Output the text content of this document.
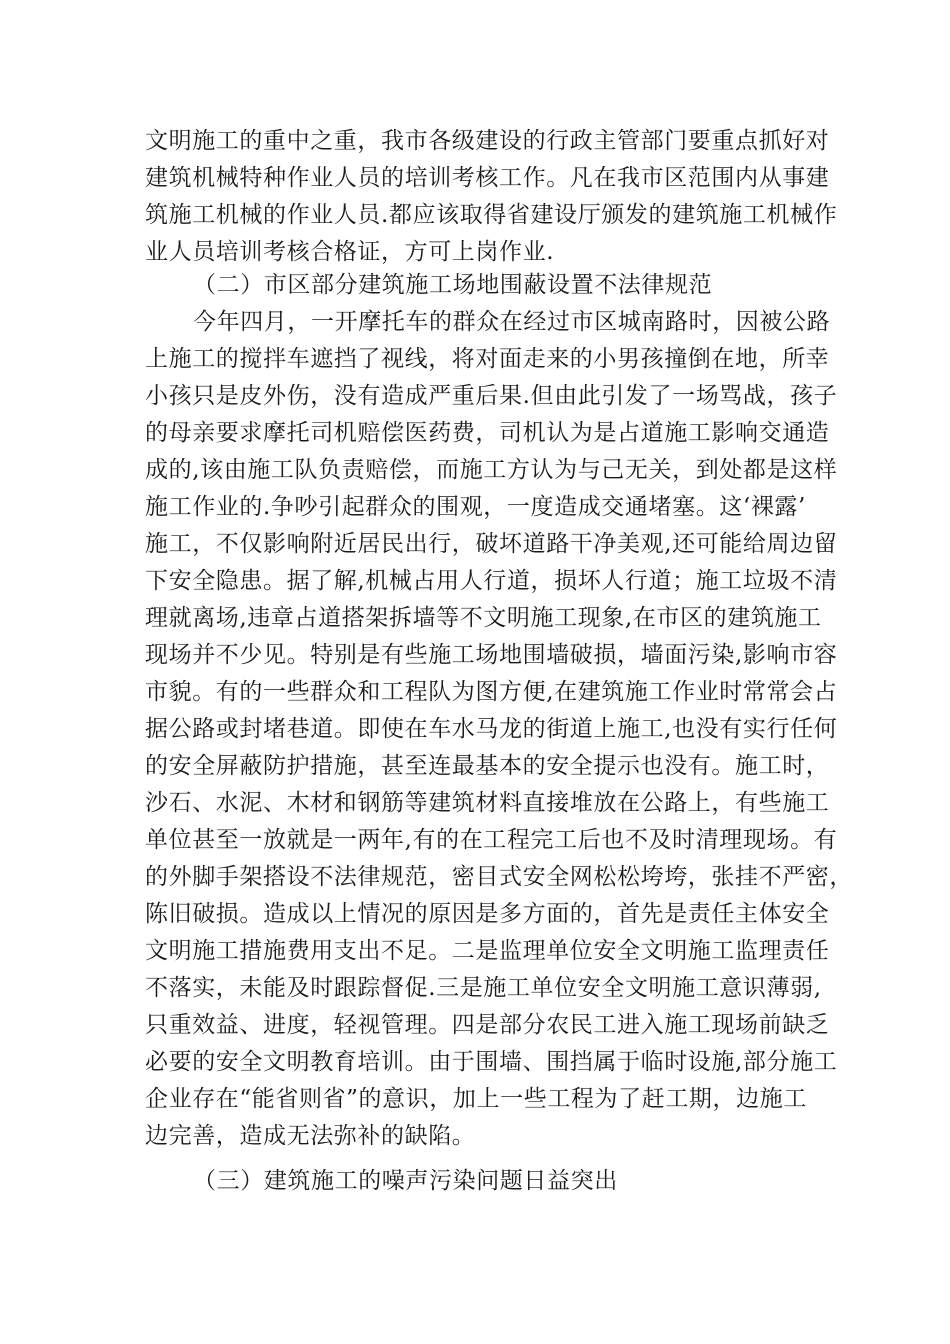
文明施工的重中之重，我市各级建设的行政主管部门要重点抓好对
建筑机械特种作业人员的培训考核工作。凡在我市区范围内从事建
筑施工机械的作业人员.都应该取得省建设厅颁发的建筑施工机械作
业人员培训考核合格证，方可上岗作业.
（二）市区部分建筑施工场地围蔽设置不法律规范
今年四月，一开摩托车的群众在经过市区城南路时，因被公路
上施工的搅拌车遮挡了视线，将对面走来的小男孩撞倒在地，所幸
小孩只是皮外伤，没有造成严重后果.但由此引发了一场骂战，孩子
的母亲要求摩托司机赔偿医药费，司机认为是占道施工影响交通造
成的,该由施工队负责赔偿，而施工方认为与己无关，到处都是这样
施工作业的.争吵引起群众的围观，一度造成交通堵塞。这‘裸露’
施工，不仅影响附近居民出行，破坏道路干净美观,还可能给周边留
下安全隐患。据了解,机械占用人行道，损坏人行道；施工垃圾不清
理就离场,违章占道搭架拆墙等不文明施工现象,在市区的建筑施工
现场并不少见。特别是有些施工场地围墙破损，墙面污染,影响市容
市貌。有的一些群众和工程队为图方便,在建筑施工作业时常常会占
据公路或封堵巷道。即使在车水马龙的街道上施工,也没有实行任何
的安全屏蔽防护措施，甚至连最基本的安全提示也没有。施工时，
沙石、水泥、木材和钢筋等建筑材料直接堆放在公路上，有些施工
单位甚至一放就是一两年,有的在工程完工后也不及时清理现场。有
的外脚手架搭设不法律规范，密目式安全网松松垮垮，张挂不严密，
陈旧破损。造成以上情况的原因是多方面的，首先是责任主体安全
文明施工措施费用支出不足。二是监理单位安全文明施工监理责任
不落实，未能及时跟踪督促.三是施工单位安全文明施工意识薄弱,
只重效益、进度，轻视管理。四是部分农民工进入施工现场前缺乏
必要的安全文明教育培训。由于围墙、围挡属于临时设施,部分施工
企业存在“能省则省”的意识，加上一些工程为了赶工期，边施工
边完善，造成无法弥补的缺陷。
（三）建筑施工的噪声污染问题日益突出
